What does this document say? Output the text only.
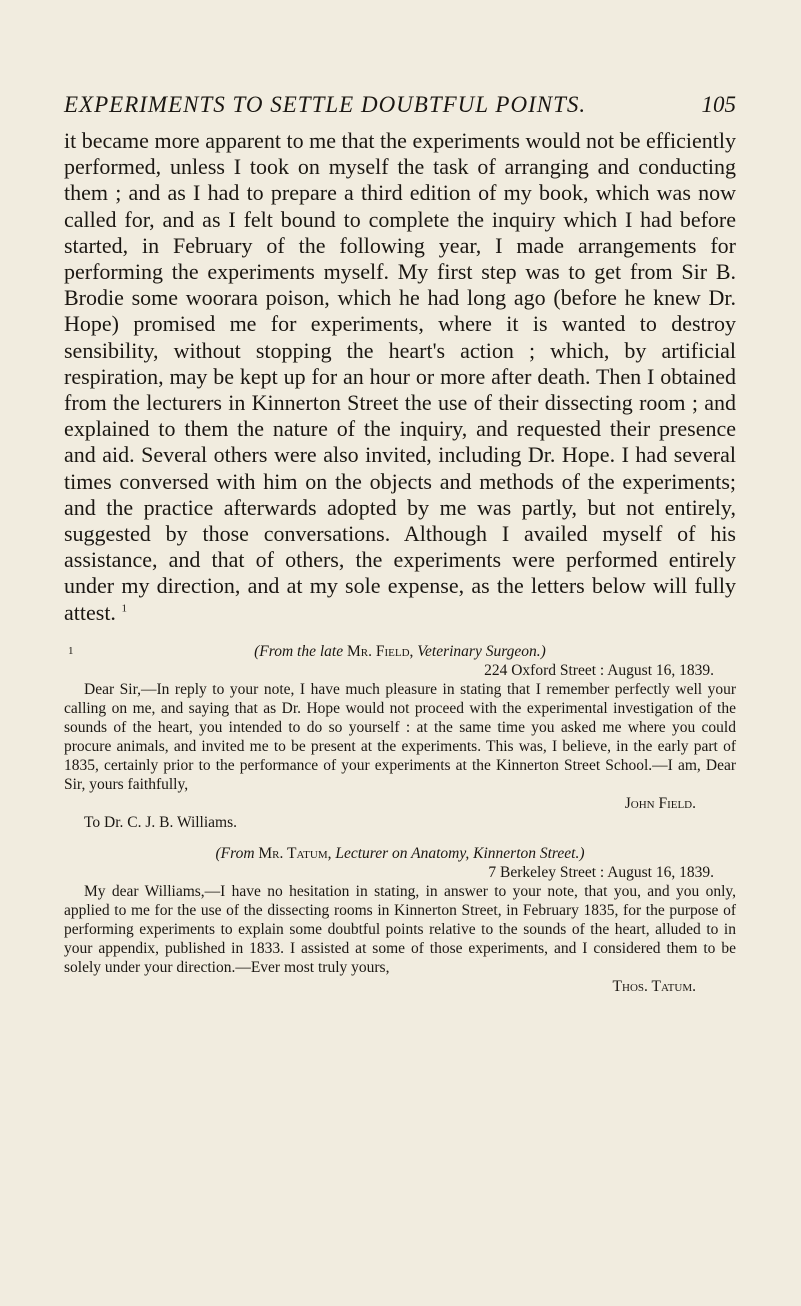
EXPERIMENTS TO SETTLE DOUBTFUL POINTS.	105

it became more apparent to me that the experiments would not be efficiently performed, unless I took on myself the task of arranging and conducting them ; and as I had to prepare a third edition of my book, which was now called for, and as I felt bound to complete the inquiry which I had before started, in February of the following year, I made arrangements for performing the experiments myself. My first step was to get from Sir B. Brodie some woorara poison, which he had long ago (before he knew Dr. Hope) promised me for experiments, where it is wanted to destroy sensibility, without stopping the heart's action ; which, by artificial respiration, may be kept up for an hour or more after death. Then I obtained from the lecturers in Kinnerton Street the use of their dissecting room ; and explained to them the nature of the inquiry, and requested their presence and aid. Several others were also invited, including Dr. Hope. I had several times conversed with him on the objects and methods of the experiments; and the practice afterwards adopted by me was partly, but not entirely, suggested by those conversations. Although I availed myself of his assistance, and that of others, the experiments were performed entirely under my direction, and at my sole expense, as the letters below will fully attest. $^1$

1	(From the late Mr. Field, Veterinary Surgeon.)
224 Oxford Street : August 16, 1839.

Dear Sir,—In reply to your note, I have much pleasure in stating that I remember perfectly well your calling on me, and saying that as Dr. Hope would not proceed with the experimental investigation of the sounds of the heart, you intended to do so yourself : at the same time you asked me where you could procure animals, and invited me to be present at the experiments. This was, I believe, in the early part of 1835, certainly prior to the performance of your experiments at the Kinnerton Street School.—I am, Dear Sir, yours faithfully,

John Field.
To Dr. C. J. B. Williams.
(From Mr. Tatum, Lecturer on Anatomy, Kinnerton Street.)
7 Berkeley Street : August 16, 1839.

My dear Williams,—I have no hesitation in stating, in answer to your note, that you, and you only, applied to me for the use of the dissecting rooms in Kinnerton Street, in February 1835, for the purpose of performing experiments to explain some doubtful points relative to the sounds of the heart, alluded to in your appendix, published in 1833. I assisted at some of those experiments, and I considered them to be solely under your direction.—Ever most truly yours,

Thos. Tatum.
